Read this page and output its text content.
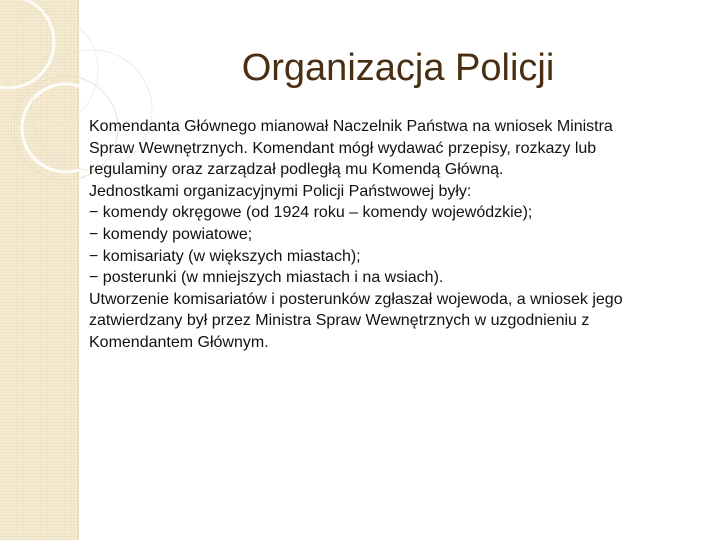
Organizacja Policji
Komendanta Głównego mianował Naczelnik Państwa na wniosek Ministra
Spraw Wewnętrznych. Komendant mógł wydawać przepisy, rozkazy lub
regulaminy oraz zarządzał podległą mu Komendą Główną.
Jednostkami organizacyjnymi Policji Państwowej były:
− komendy okręgowe (od 1924 roku – komendy wojewódzkie);
− komendy powiatowe;
− komisariaty (w większych miastach);
− posterunki (w mniejszych miastach i na wsiach).
Utworzenie komisariatów i posterunków zgłaszał wojewoda, a wniosek jego
zatwierdzany był przez Ministra Spraw Wewnętrznych w uzgodnieniu z
Komendantem Głównym.
